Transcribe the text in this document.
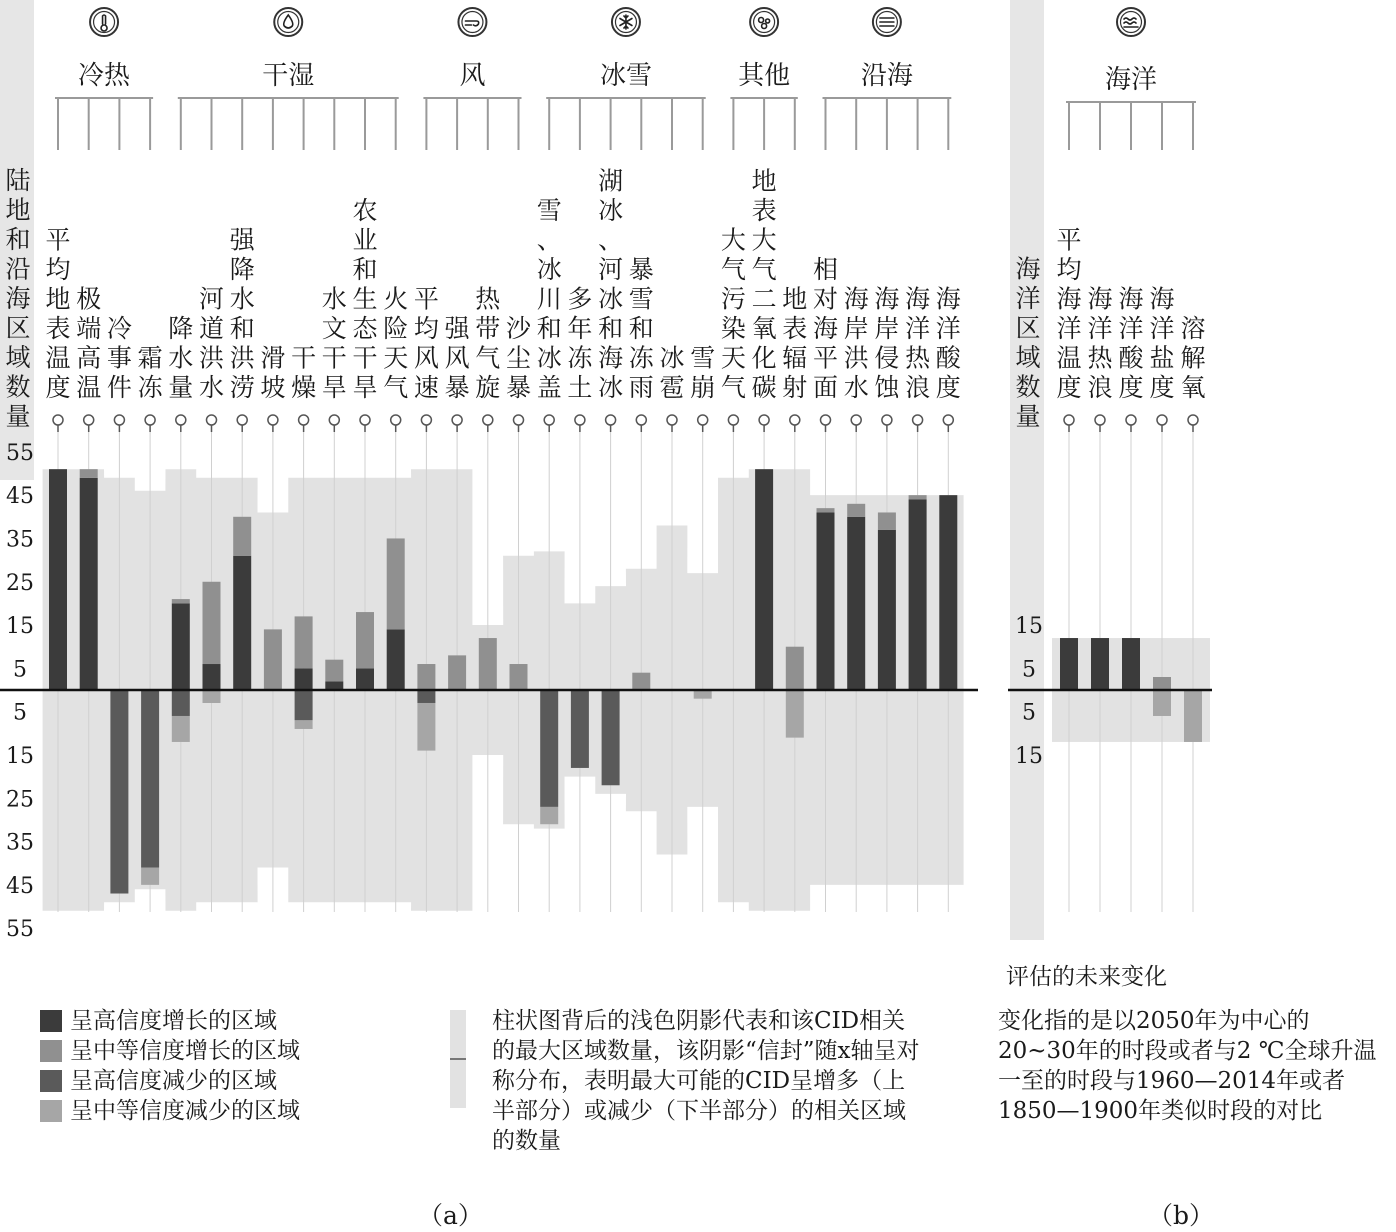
55
45
35
25
15
5
5
15
25
35
45
55
陆
地
和
沿
海
区
域
数
量
平
均
地
表
温
度
极
端
高
温
冷
事
件
霜
冻
降
水
量
河
道
洪
水
强
降
水
和
洪
涝
滑
坡
干
燥
水
文
干
旱
农
业
和
生
态
干
旱
火
险
天
气
平
均
风
速
强
风
暴
热
带
气
旋
沙
尘
暴
雪
、
冰
川
和
冰
盖
多
年
冻
土
湖
冰
、
河
冰
和
海
冰
暴
雪
和
冻
雨
冰
雹
雪
崩
大
气
污
染
天
气
地
表
大
气
二
氧
化
碳
地
表
辐
射
相
对
海
平
面
海
岸
洪
水
海
岸
侵
蚀
海
洋
热
浪
海
洋
酸
度
冷热	干湿	风	冰雪	其他	沿海
15
5
5
15
海
洋
区
域
数
量
平
均
海
洋
温
度
海
洋
热
浪
海
洋
酸
度
海
洋
盐
度
溶
解
氧
海洋
呈高信度增长的区域
呈中等信度增长的区域
呈高信度减少的区域
呈中等信度减少的区域
柱状图背后的浅色阴影代表和该CID相关的最大区域数量，该阴影“信封”随x轴呈对称分布，表明最大可能的CID呈增多（上半部分）或减少（下半部分）的相关区域的数量
评估的未来变化
变化指的是以2050年为中心的20~30年的时段或者与2 ℃全球升温一至的时段与1960—2014年或者1850—1900年类似时段的对比
（a）	（b）
